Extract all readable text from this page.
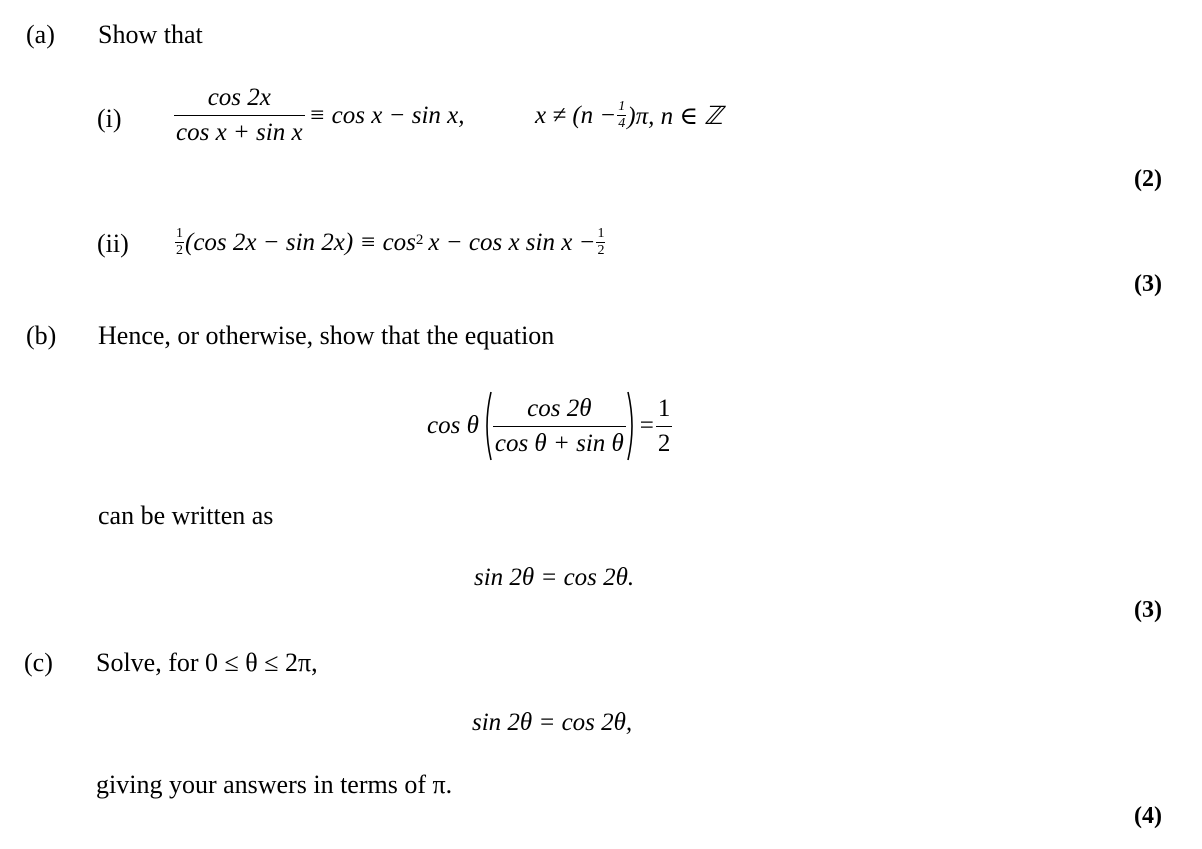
(a) Show that
$(i) \frac{\cos 2x}{\text{cos x + sin x}} \equiv \cos x - \sin x$,	$x \ne (n - \frac{1}{4} )\pi$, n ∈ ℤ
(2)
(ii)	$\frac{1}{2} (\cos$ $2x - \sin 2x) \equiv \cos^2 x - \cos x$ $\sin x - \frac{1}{2}$
(3)
(b) Hence, or otherwise, show that the equation
cos θ $\frac{\cos 2\theta}{\text{cos θ + sin θ}} = \frac{1}{2}$
can be written as
sin 2θ = cos 2θ.
(3)
(c) Solve, for 0 ≤ θ ≤ 2π,
sin 2θ = cos 2θ,
giving your answers in terms of π.
(4)
